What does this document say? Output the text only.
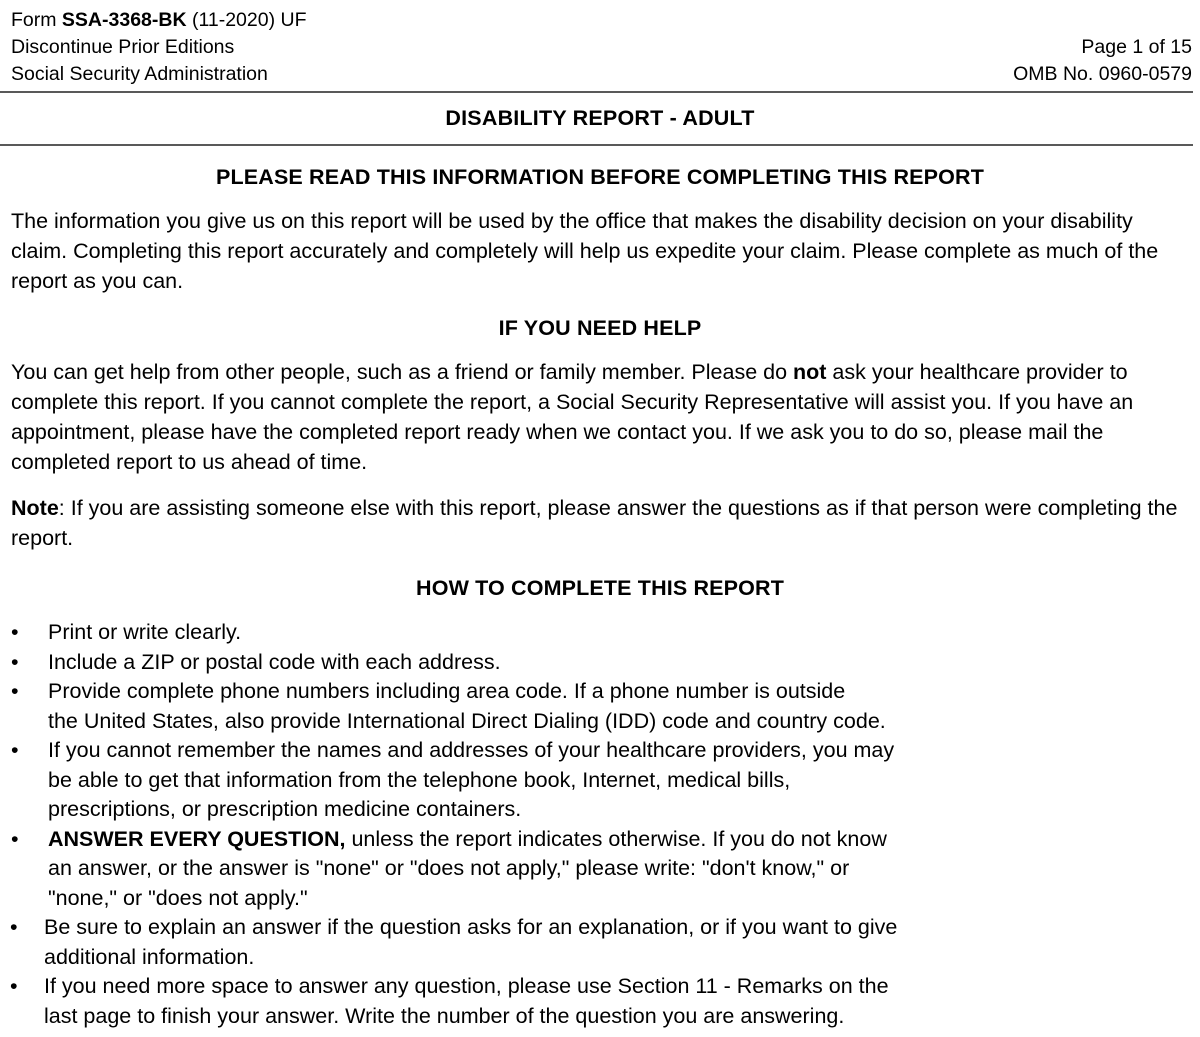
Form SSA-3368-BK (11-2020) UF
Discontinue Prior Editions
Social Security Administration
Page 1 of 15
OMB No. 0960-0579
DISABILITY REPORT - ADULT
PLEASE READ THIS INFORMATION BEFORE COMPLETING THIS REPORT
The information you give us on this report will be used by the office that makes the disability decision on your disability claim. Completing this report accurately and completely will help us expedite your claim. Please complete as much of the report as you can.
IF YOU NEED HELP
You can get help from other people, such as a friend or family member. Please do not ask your healthcare provider to complete this report. If you cannot complete the report, a Social Security Representative will assist you. If you have an appointment, please have the completed report ready when we contact you. If we ask you to do so, please mail the completed report to us ahead of time.
Note: If you are assisting someone else with this report, please answer the questions as if that person were completing the report.
HOW TO COMPLETE THIS REPORT
• Print or write clearly.
• Include a ZIP or postal code with each address.
• Provide complete phone numbers including area code. If a phone number is outside
the United States, also provide International Direct Dialing (IDD) code and country code.
• If you cannot remember the names and addresses of your healthcare providers, you may
be able to get that information from the telephone book, Internet, medical bills,
prescriptions, or prescription medicine containers.
• ANSWER EVERY QUESTION, unless the report indicates otherwise. If you do not know
an answer, or the answer is "none" or "does not apply," please write: "don't know," or
"none," or "does not apply."
• Be sure to explain an answer if the question asks for an explanation, or if you want to give
additional information.
• If you need more space to answer any question, please use Section 11 - Remarks on the
last page to finish your answer. Write the number of the question you are answering.
